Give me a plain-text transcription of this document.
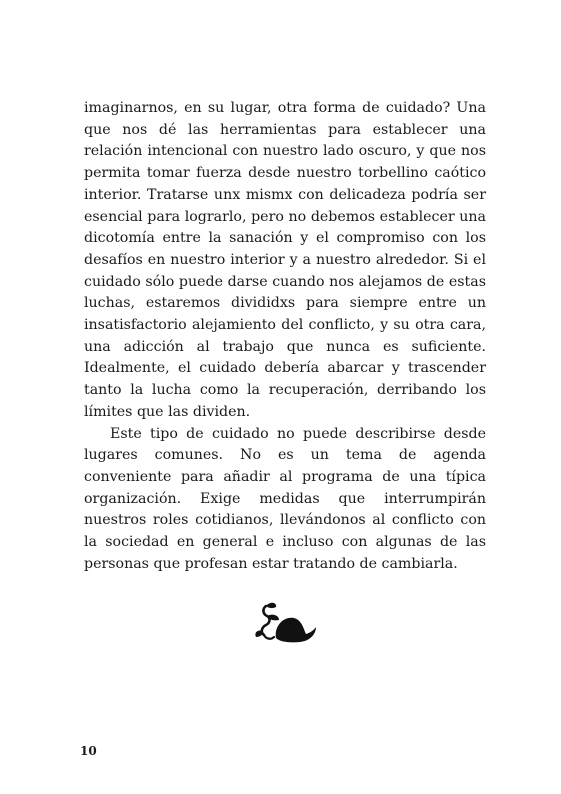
imaginarnos, en su lugar, otra forma de cuidado? Una que nos dé las herramientas para establecer una relación intencional con nuestro lado oscuro, y que nos permita tomar fuerza desde nuestro torbellino caótico interior. Tratarse unx mismx con delicadeza podría ser esencial para lograrlo, pero no debemos establecer una dicotomía entre la sanación y el compromiso con los desafíos en nuestro interior y a nuestro alrededor. Si el cuidado sólo puede darse cuando nos alejamos de estas luchas, estaremos divididxs para siempre entre un insatisfactorio alejamiento del conflicto, y su otra cara, una adicción al trabajo que nunca es suficiente. Idealmente, el cuidado debería abarcar y trascender tanto la lucha como la recuperación, derribando los límites que las dividen.

Este tipo de cuidado no puede describirse desde lugares comunes. No es un tema de agenda conveniente para añadir al programa de una típica organización. Exige medidas que interrumpirán nuestros roles cotidianos, llevándonos al conflicto con la sociedad en general e incluso con algunas de las personas que profesan estar tratando de cambiarla.

10
